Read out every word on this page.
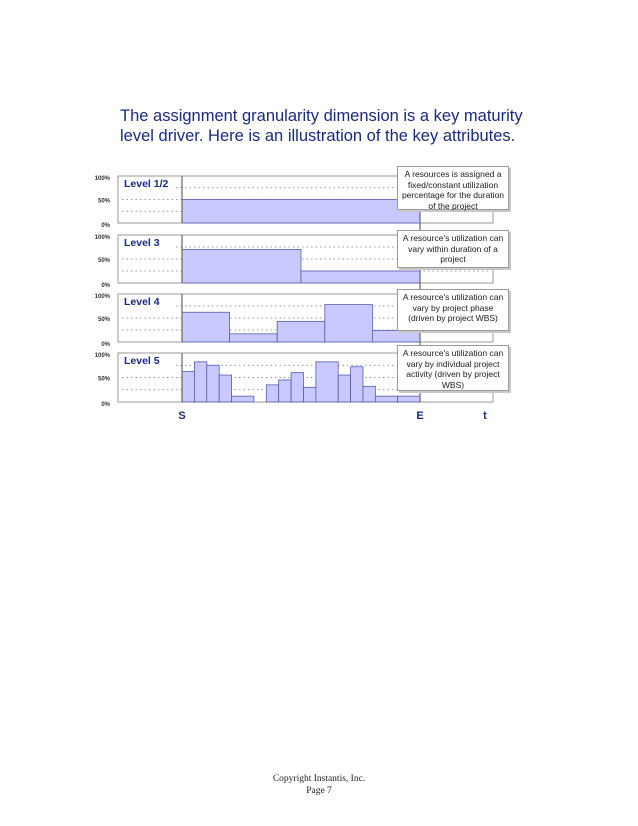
The assignment granularity dimension is a key maturity
level driver. Here is an illustration of the key attributes.
100%
50%
0%
Level 1/2
100%
50%
0%
Level 3
100%
50%
0%
Level 4
100%
50%
0%
Level 5
S	E	t
A resources is assigned a fixed/constant utilization percentage for the duration of the project
A resource's utilization can vary within duration of a project
A resource's utilization can vary by project phase (driven by project WBS)
A resource's utilization can vary by individual project activity (driven by project WBS)
Copyright Instantis, Inc.
Page 7
